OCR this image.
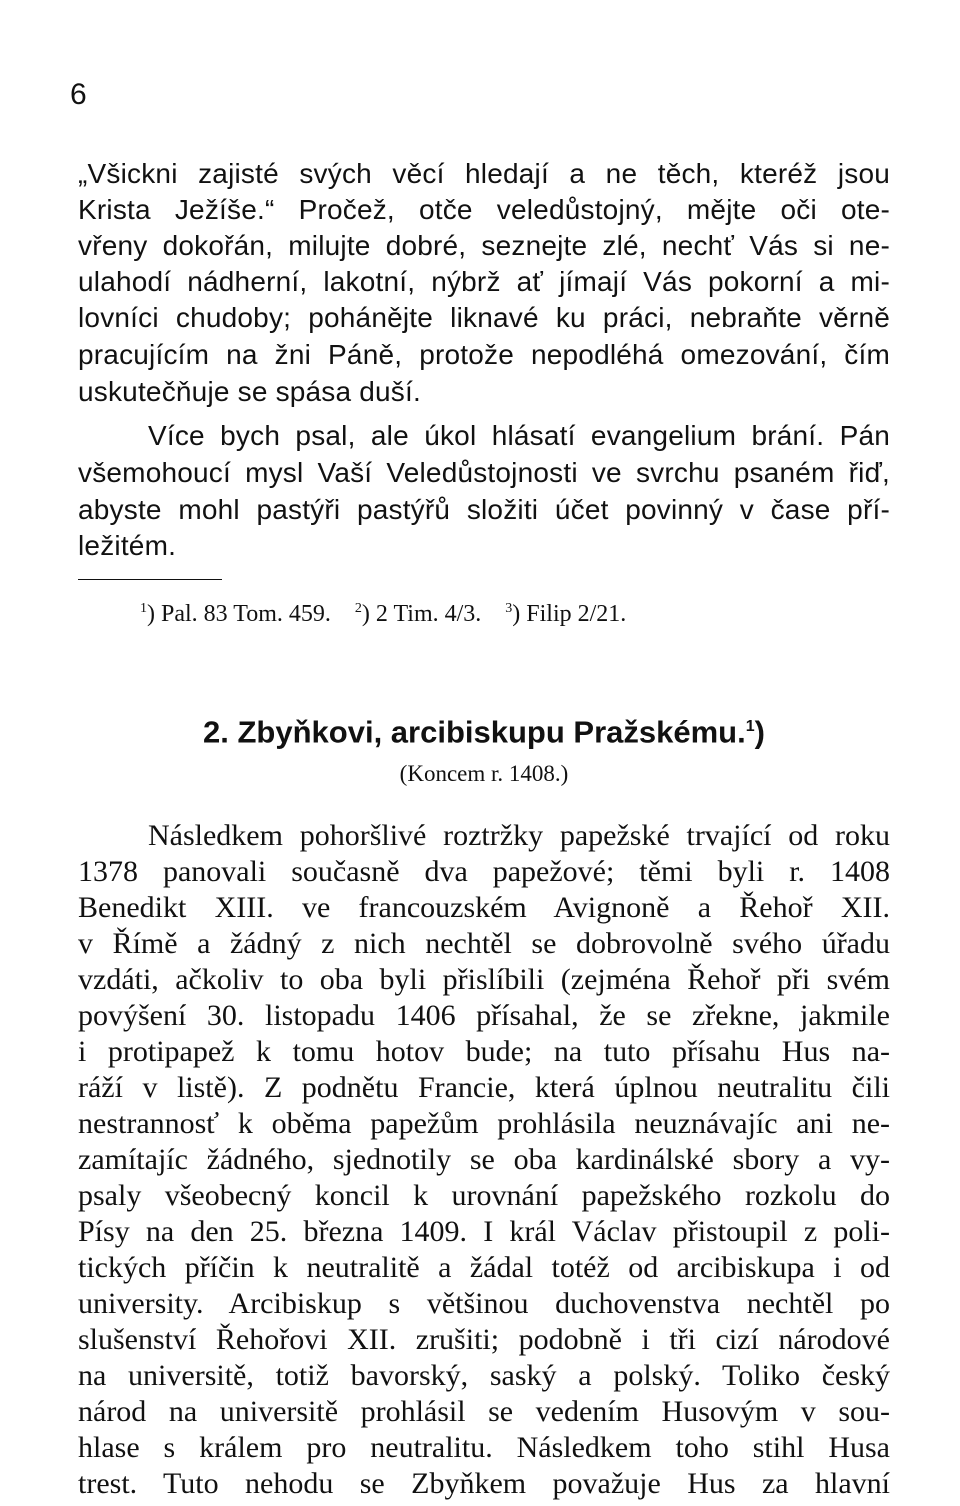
6
„Všickni zajisté svých věcí hledají a ne těch, kteréž jsou
Krista Ježíše.“ Pročež, otče veledůstojný, mějte oči ote-
vřeny dokořán, milujte dobré, seznejte zlé, nechť Vás si ne-
ulahodí nádherní, lakotní, nýbrž ať jímají Vás pokorní a mi-
lovníci chudoby; pohánějte liknavé ku práci, nebraňte věrně
pracujícím na žni Páně, protože nepodléhá omezování, čím
uskutečňuje se spása duší.
Více bych psal, ale úkol hlásatí evangelium brání. Pán
všemohoucí mysl Vaší Veledůstojnosti ve svrchu psaném řiď,
abyste mohl pastýři pastýřů složiti účet povinný v čase pří-
ležitém.
$^1$) Pal. 83 Tom. 459. $^2$) 2 Tim. 4/3. $^3$) Filip 2/21.
2. Zbyňkovi, arcibiskupu Pražskému.$^1$)
(Koncem r. 1408.)
Následkem pohoršlivé roztržky papežské trvající od roku
1378 panovali současně dva papežové; těmi byli r. 1408
Benedikt XIII. ve francouzském Avignoně a Řehoř XII.
v Římě a žádný z nich nechtěl se dobrovolně svého úřadu
vzdáti, ačkoliv to oba byli přislíbili (zejména Řehoř při svém
povýšení 30. listopadu 1406 přísahal, že se zřekne, jakmile
i protipapež k tomu hotov bude; na tuto přísahu Hus na-
ráží v listě). Z podnětu Francie, která úplnou neutralitu čili
nestrannosť k oběma papežům prohlásila neuznávajíc ani ne-
zamítajíc žádného, sjednotily se oba kardinálské sbory a vy-
psaly všeobecný koncil k urovnání papežského rozkolu do
Písy na den 25. března 1409. I král Václav přistoupil z poli-
tických příčin k neutralitě a žádal totéž od arcibiskupa i od
university. Arcibiskup s většinou duchovenstva nechtěl po
slušenství Řehořovi XII. zrušiti; podobně i tři cizí národové
na universitě, totiž bavorský, saský a polský. Toliko český
národ na universitě prohlásil se vedením Husovým v sou-
hlase s králem pro neutralitu. Následkem toho stihl Husa
trest. Tuto nehodu se Zbyňkem považuje Hus za hlavní
